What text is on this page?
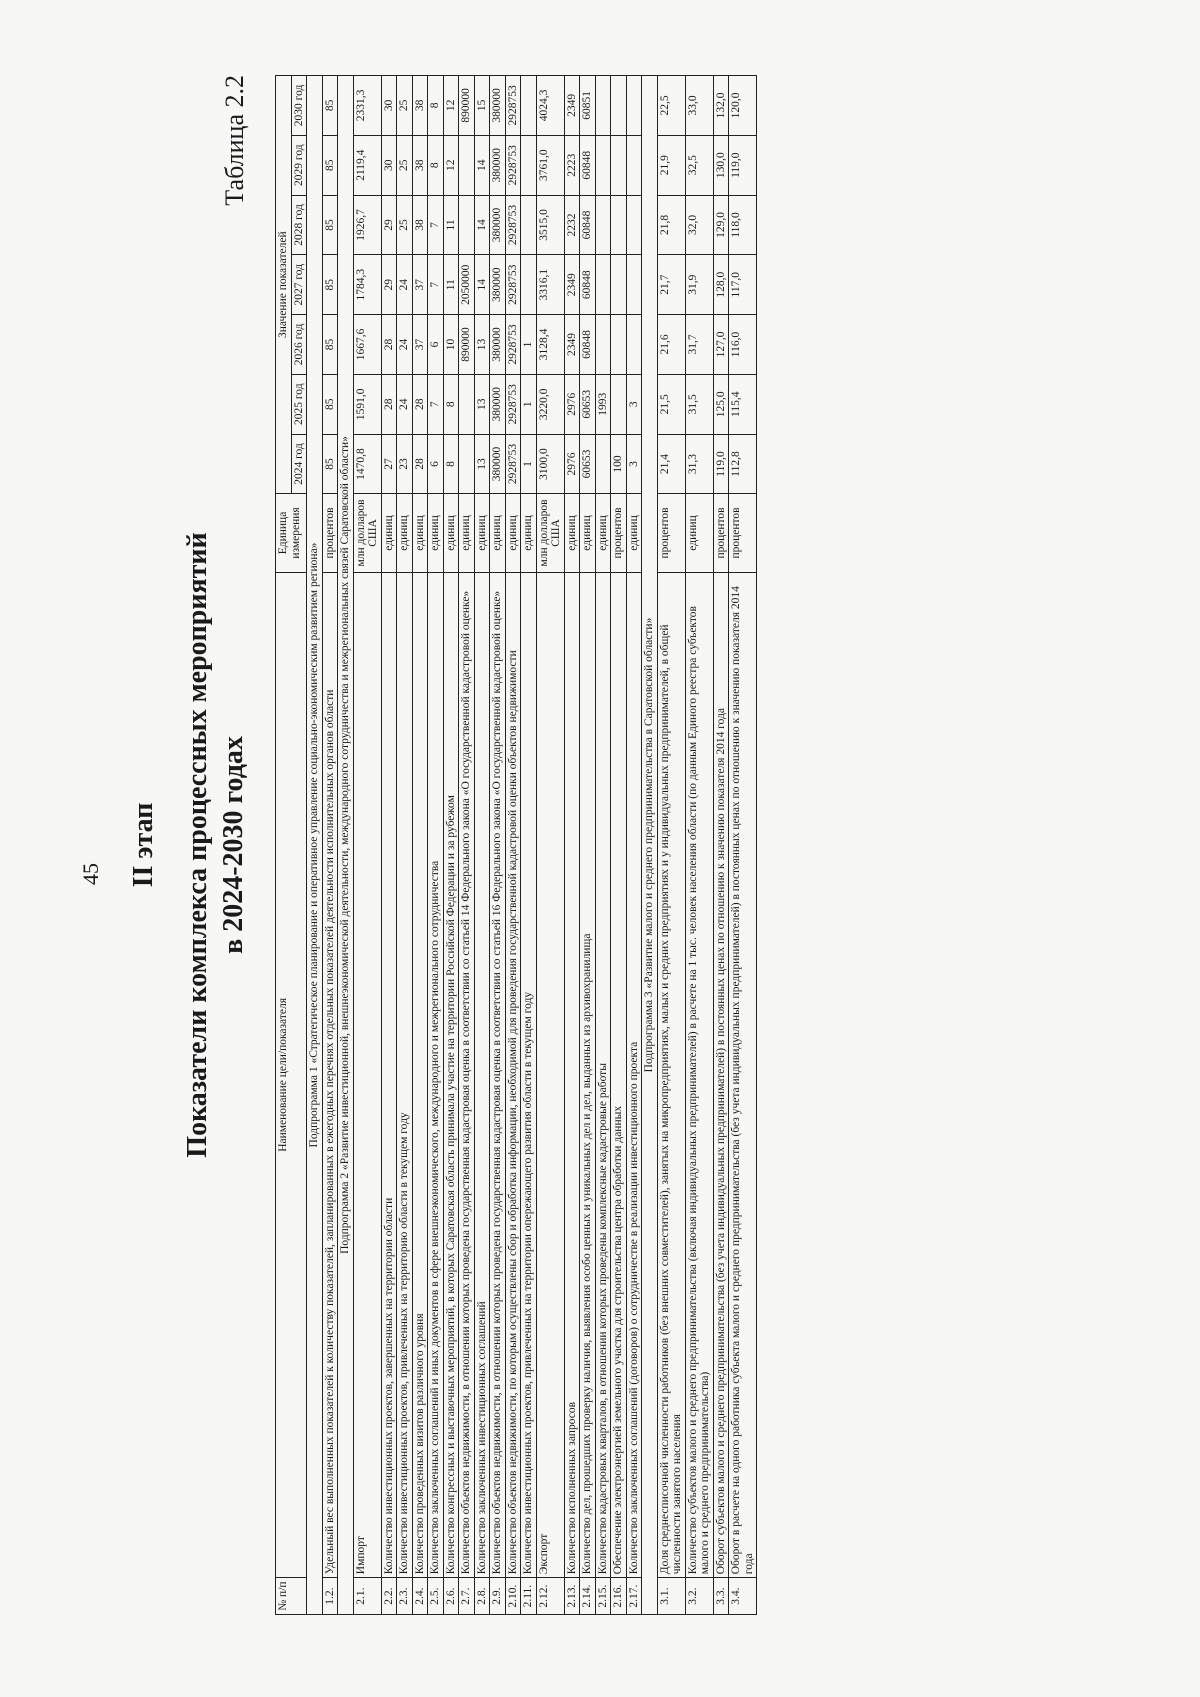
45 II этап Показатели комплекса процессных мероприятий в 2024-2030 годах
Таблица 2.2
№ п/п	Наименование цели/показателя	Единица измерения	Значение показателей						
			2024 год	2025 год	2026 год	2027 год	2028 год	2029 год	2030 год
Подпрограмма 1 «Стратегическое планирование и оперативное управление социально-экономическим развитием региона»									
1.2.	Удельный вес выполненных показателей к количеству показателей, запланированных в ежегодных перечнях отдельных показателей деятельности исполнительных органов области	процентов	85	85	85	85	85	85	85
Подпрограмма 2 «Развитие инвестиционной, внешнеэкономической деятельности, международного сотрудничества и межрегиональных связей Саратовской области»									
2.1.	Импорт	млн долларов США	1470,8	1591,0	1667,6	1784,3	1926,7	2119,4	2331,3
2.2.	Количество инвестиционных проектов, завершенных на территории области	единиц	27	28	28	29	29	30	30
2.3.	Количество инвестиционных проектов, привлеченных на территорию области в текущем году	единиц	23	24	24	24	25	25	25
2.4.	Количество проведенных визитов различного уровня	единиц	28	28	37	37	38	38	38
2.5.	Количество заключенных соглашений и иных документов в сфере внешнеэкономического, международного и межрегионального сотрудничества	единиц	6	7	6	7	7	8	8
2.6.	Количество конгрессных и выставочных мероприятий, в которых Саратовская область принимала участие на территории Российской Федерации и за рубежом	единиц	8	8	10	11	11	12	12
2.7.	Количество объектов недвижимости, в отношении которых проведена государственная кадастровая оценка в соответствии со статьей 14 Федерального закона «О государственной кадастровой оценке»	единиц			890000	2050000			890000
2.8.	Количество заключенных инвестиционных соглашений	единиц	13	13	13	14	14	14	15
2.9.	Количество объектов недвижимости, в отношении которых проведена государственная кадастровая оценка в соответствии со статьей 16 Федерального закона «О государственной кадастровой оценке»	единиц	380000	380000	380000	380000	380000	380000	380000
2.10.	Количество объектов недвижимости, по которым осуществлены сбор и обработка информации, необходимой для проведения государственной кадастровой оценки объектов недвижимости	единиц	2928753	2928753	2928753	2928753	2928753	2928753	2928753
2.11.	Количество инвестиционных проектов, привлеченных на территории опережающего развития области в текущем году	единиц	1	1	1				
2.12.	Экспорт	млн долларов США	3100,0	3220,0	3128,4	3316,1	3515,0	3761,0	4024,3
2.13.	Количество исполненных запросов	единиц	2976	2976	2349	2349	2232	2223	2349
2.14.	Количество дел, прошедших проверку наличия, выявления особо ценных и уникальных дел и дел, выданных из архивохранилища	единиц	60653	60653	60848	60848	60848	60848	60851
2.15.	Количество кадастровых кварталов, в отношении которых проведены комплексные кадастровые работы	единиц		1993					
2.16.	Обеспечение электроэнергией земельного участка для строительства центра обработки данных	процентов	100						
2.17.	Количество заключенных соглашений (договоров) о сотрудничестве в реализации инвестиционного проекта	единиц	3	3					
Подпрограмма 3 «Развитие малого и среднего предпринимательства в Саратовской области»									
3.1.	Доля среднесписочной численности работников (без внешних совместителей), занятых на микропредприятиях, малых и средних предприятиях и у индивидуальных предпринимателей, в общей численности занятого населения	процентов	21,4	21,5	21,6	21,7	21,8	21,9	22,5
3.2.	Количество субъектов малого и среднего предпринимательства (включая индивидуальных предпринимателей) в расчете на 1 тыс. человек населения области (по данным Единого реестра субъектов малого и среднего предпринимательства)	единиц	31,3	31,5	31,7	31,9	32,0	32,5	33,0
3.3.	Оборот субъектов малого и среднего предпринимательства (без учета индивидуальных предпринимателей) в постоянных ценах по отношению к значению показателя 2014 года	процентов	119,0	125,0	127,0	128,0	129,0	130,0	132,0
3.4.	Оборот в расчете на одного работника субъекта малого и среднего предпринимательства (без учета индивидуальных предпринимателей) в постоянных ценах по отношению к значению показателя 2014 года	процентов	112,8	115,4	116,0	117,0	118,0	119,0	120,0
